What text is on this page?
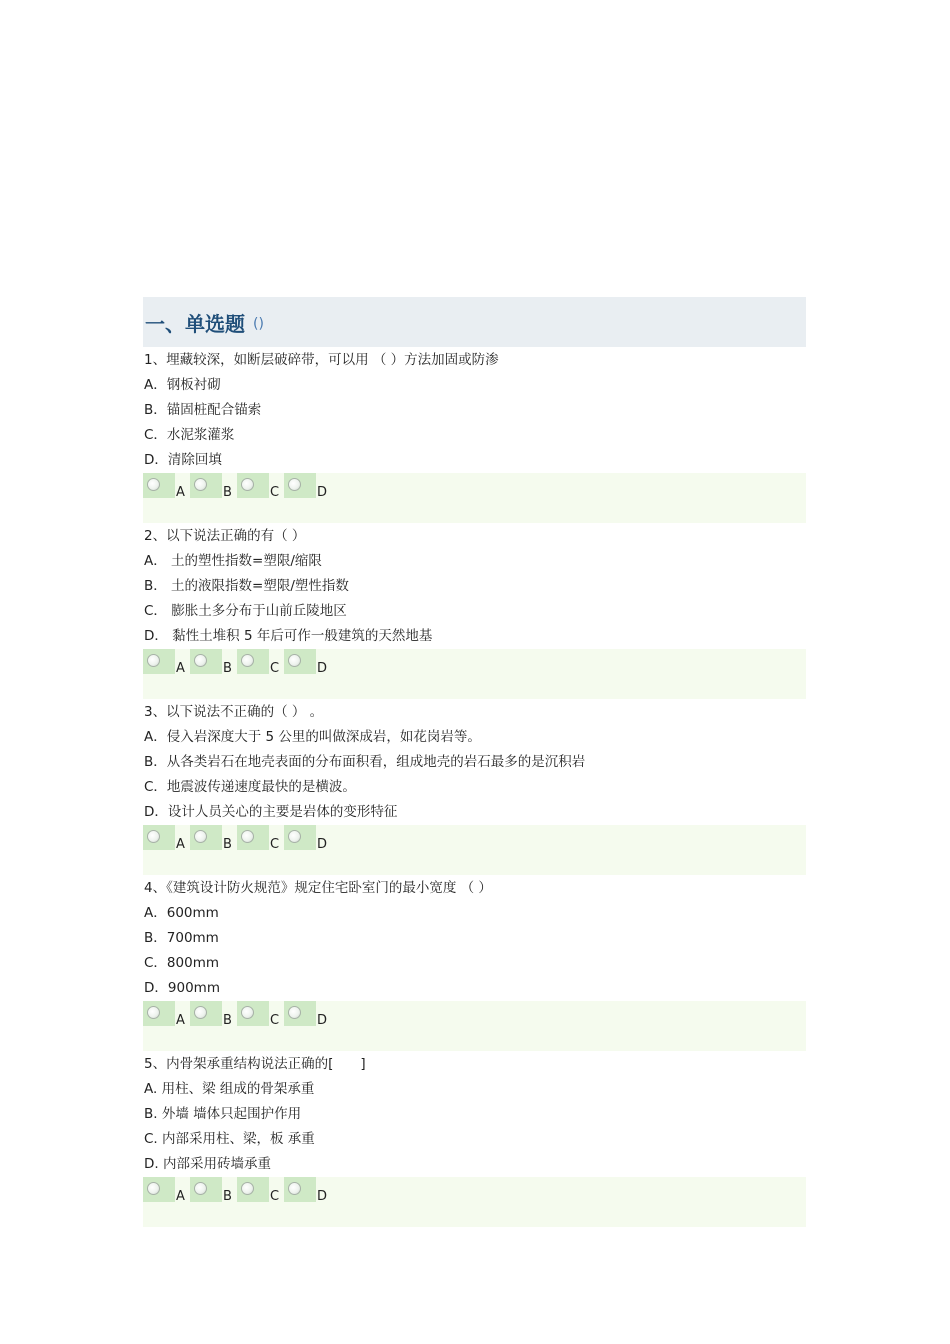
一、单选题 ()
1、埋藏较深，如断层破碎带，可以用 （ ）方法加固或防渗
A．钢板衬砌
B．锚固桩配合锚索
C．水泥浆灌浆
D．清除回填
A	B	C	D
2、以下说法正确的有（ ）
A． 土的塑性指数=塑限/缩限
B． 土的液限指数=塑限/塑性指数
C． 膨胀土多分布于山前丘陵地区
D． 黏性土堆积 5 年后可作一般建筑的天然地基
A	B	C	D
3、以下说法不正确的（ ） 。
A．侵入岩深度大于 5 公里的叫做深成岩，如花岗岩等。
B．从各类岩石在地壳表面的分布面积看，组成地壳的岩石最多的是沉积岩
C．地震波传递速度最快的是横波。
D．设计人员关心的主要是岩体的变形特征
A	B	C	D
4、《建筑设计防火规范》规定住宅卧室门的最小宽度 （ ）
A．600mm
B．700mm
C．800mm
D．900mm
A	B	C	D
5、内骨架承重结构说法正确的[　　]
A. 用柱、梁 组成的骨架承重
B. 外墙 墙体只起围护作用
C. 内部采用柱、梁，板 承重
D. 内部采用砖墙承重
A	B	C	D
